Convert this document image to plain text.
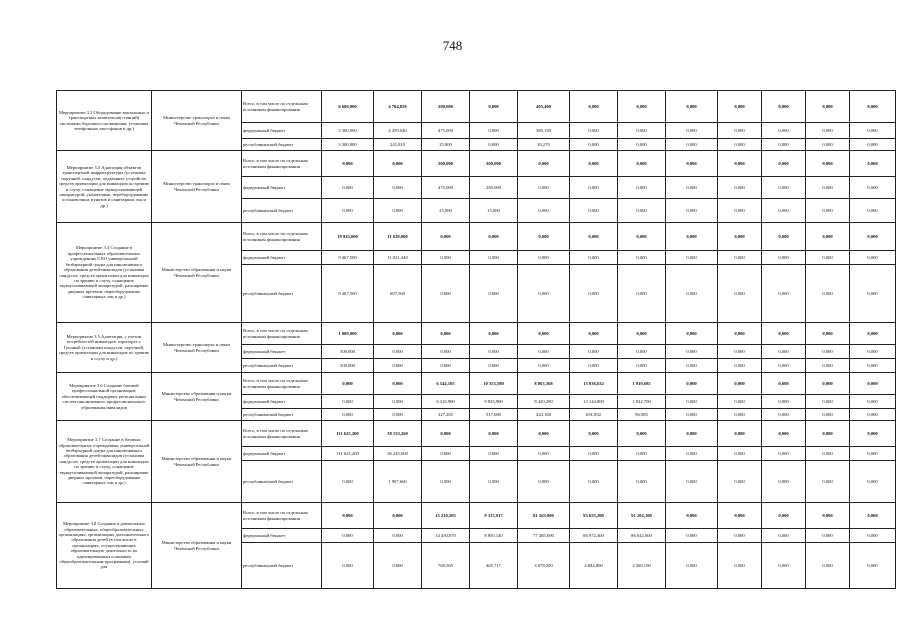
748
Мероприятие 3.2 Оборудование вокзальных и транспортных комплексов(станций) системами бортового оповещения, установка телефонных таксофонов и др.)	Министерство транспорта и связи Чеченской Республики	Всего, в том числе по отдельным источникам финансирования	6 600,000	4 704,850	500,000	0,000	405,400	0,000	0,000	0,000	0,000	0,000	0,000	0,000
		федеральный бюджет	3 300,000	4 459,040	475,000	0,000	385,130	0,000	0,000	0,000	0,000	0,000	0,000	0,000
		республиканский бюджет	3 300,000	245,810	25,000	0,000	20,270	0,000	0,000	0,000	0,000	0,000	0,000	0,000
Мероприятие 3.3 Адаптация объектов транспортной инфраструктуры (установка поручней, пандусов, подъемных устройств, средств ориентации для инвалидов по зрению и слуху, оснащение звукоусиливающей аппаратурой, указателями, перебороудование остановочных пунктов и санитарных зон и др.)	Министерство транспорта и связи Чеченской Республики	Всего, в том числе по отдельным источникам финансирования	0,000	0,000	500,000	300,000	0,000	0,000	0,000	0,000	0,000	0,000	0,000	0,000
		федеральный бюджет	0,000	0,000	475,000	285,000	0,000	0,000	0,000	0,000	0,000	0,000	0,000	0,000
		республиканский бюджет	0,000	0,000	25,000	15,000	0,000	0,000	0,000	0,000	0,000	0,000	0,000	0,000
Мероприятие 3.4 Создание в профессиональных образовательных учреждениях СПО универсальной безбарьерной среды для инклюзивного образования детей-инвалидов (установка пандусов, средств ориентации для инвалидов по зрению и слуху, оснащение звукоусиливающей аппаратурой, расширение дверных проемов, переоборудование санитарных зон и др.)	Министерство образования и науки Чеченской Республики	Всего, в том числе по отдельным источникам финансирования	18 935,000	11 629,000	0,000	0,000	0,000	0,000	0,000	0,000	0,000	0,000	0,000	0,000
		федеральный бюджет	9 467,500	11 021,440	0,000	0,000	0,000	0,000	0,000	0,000	0,000	0,000	0,000	0,000
		республиканский бюджет	9 467,500	607,560	0,000	0,000	0,000	0,000	0,000	0,000	0,000	0,000	0,000	0,000
Мероприятие 3.5 Адаптация, с учетом потребностей инвалидов, аэропорта г. Грозный (установка пандусов, поручней, средств ориентации для инвалидов по зрению и слуху и др.)	Министерство транспорта и связи Чеченской Республики	Всего, в том числе по отдельным источникам финансирования	1 000,000	0,000	0,000	0,000	0,000	0,000	0,000	0,000	0,000	0,000	0,000	0,000
		федеральный бюджет	500,000	0,000	0,000	0,000	0,000	0,000	0,000	0,000	0,000	0,000	0,000	0,000
		республиканский бюджет	500,000	0,000	0,000	0,000	0,000	0,000	0,000	0,000	0,000	0,000	0,000	0,000
Мероприятие 3.6 Создание базовой профессиональной организации, обеспечивающей поддержку региональных систем инклюзивного профессионального образования инвалидов	Министерство образования и науки Чеченской Республики	Всего, в том числе по отдельным источникам финансирования	0,000	0,000	6 544,105	10 353,580	8 863,368	13 836,632	1 939,685	0,000	0,000	0,000	0,000	0,000
		федеральный бюджет	0,000	0,000	6 216,900	9 835,900	8 420,200	13 144,800	1 842,700	0,000	0,000	0,000	0,000	0,000
		республиканский бюджет	0,000	0,000	327,205	517,680	443,168	691,832	96,985	0,000	0,000	0,000	0,000	0,000
Мероприятие 3.7 Создание в базовых образовательных учреждениях универсальной безбарьерной среды для инклюзивного образования детей-инвалидов (установка пандусов, средств ориентации для инвалидов по зрению и слуху, оснащение звукоусиливающей аппаратурой, расширение дверных проемов, переоборудование санитарных зон и др.)	Министерство образования и науки Чеченской Республики	Всего, в том числе по отдельным источникам финансирования	111 625,200	38 153,260	0,000	0,000	0,000	0,000	0,000	0,000	0,000	0,000	0,000	0,000
		федеральный бюджет	111 625,200	36 245,600	0,000	0,000	0,000	0,000	0,000	0,000	0,000	0,000	0,000	0,000
		республиканский бюджет	0,000	1 907,660	0,000	0,000	0,000	0,000	0,000	0,000	0,000	0,000	0,000	0,000
Мероприятие 3.8 Создание в дошкольных образовательных, общеобразовательных организациях, организациях дополнительного образования детей (в том числе в организациях, осуществляющих образовательную деятельность по адаптированным основным общеобразовательным программам), условий для	Министерство образования и науки Чеченской Республики	Всего, в том числе по отдельным источникам финансирования	0,000	0,000	15 210,505	9 315,917	81 563,000	93 655,200	91 202,100	0,000	0,000	0,000	0,000	0,000
		федеральный бюджет	0,000	0,000	14 450,070	8 850,140	77 485,000	88 972,400	86 642,000	0,000	0,000	0,000	0,000	0,000
		республиканский бюджет	0,000	0,000	760,505	465,717	4 078,200	4 682,800	4 560,100	0,000	0,000	0,000	0,000	0,000
